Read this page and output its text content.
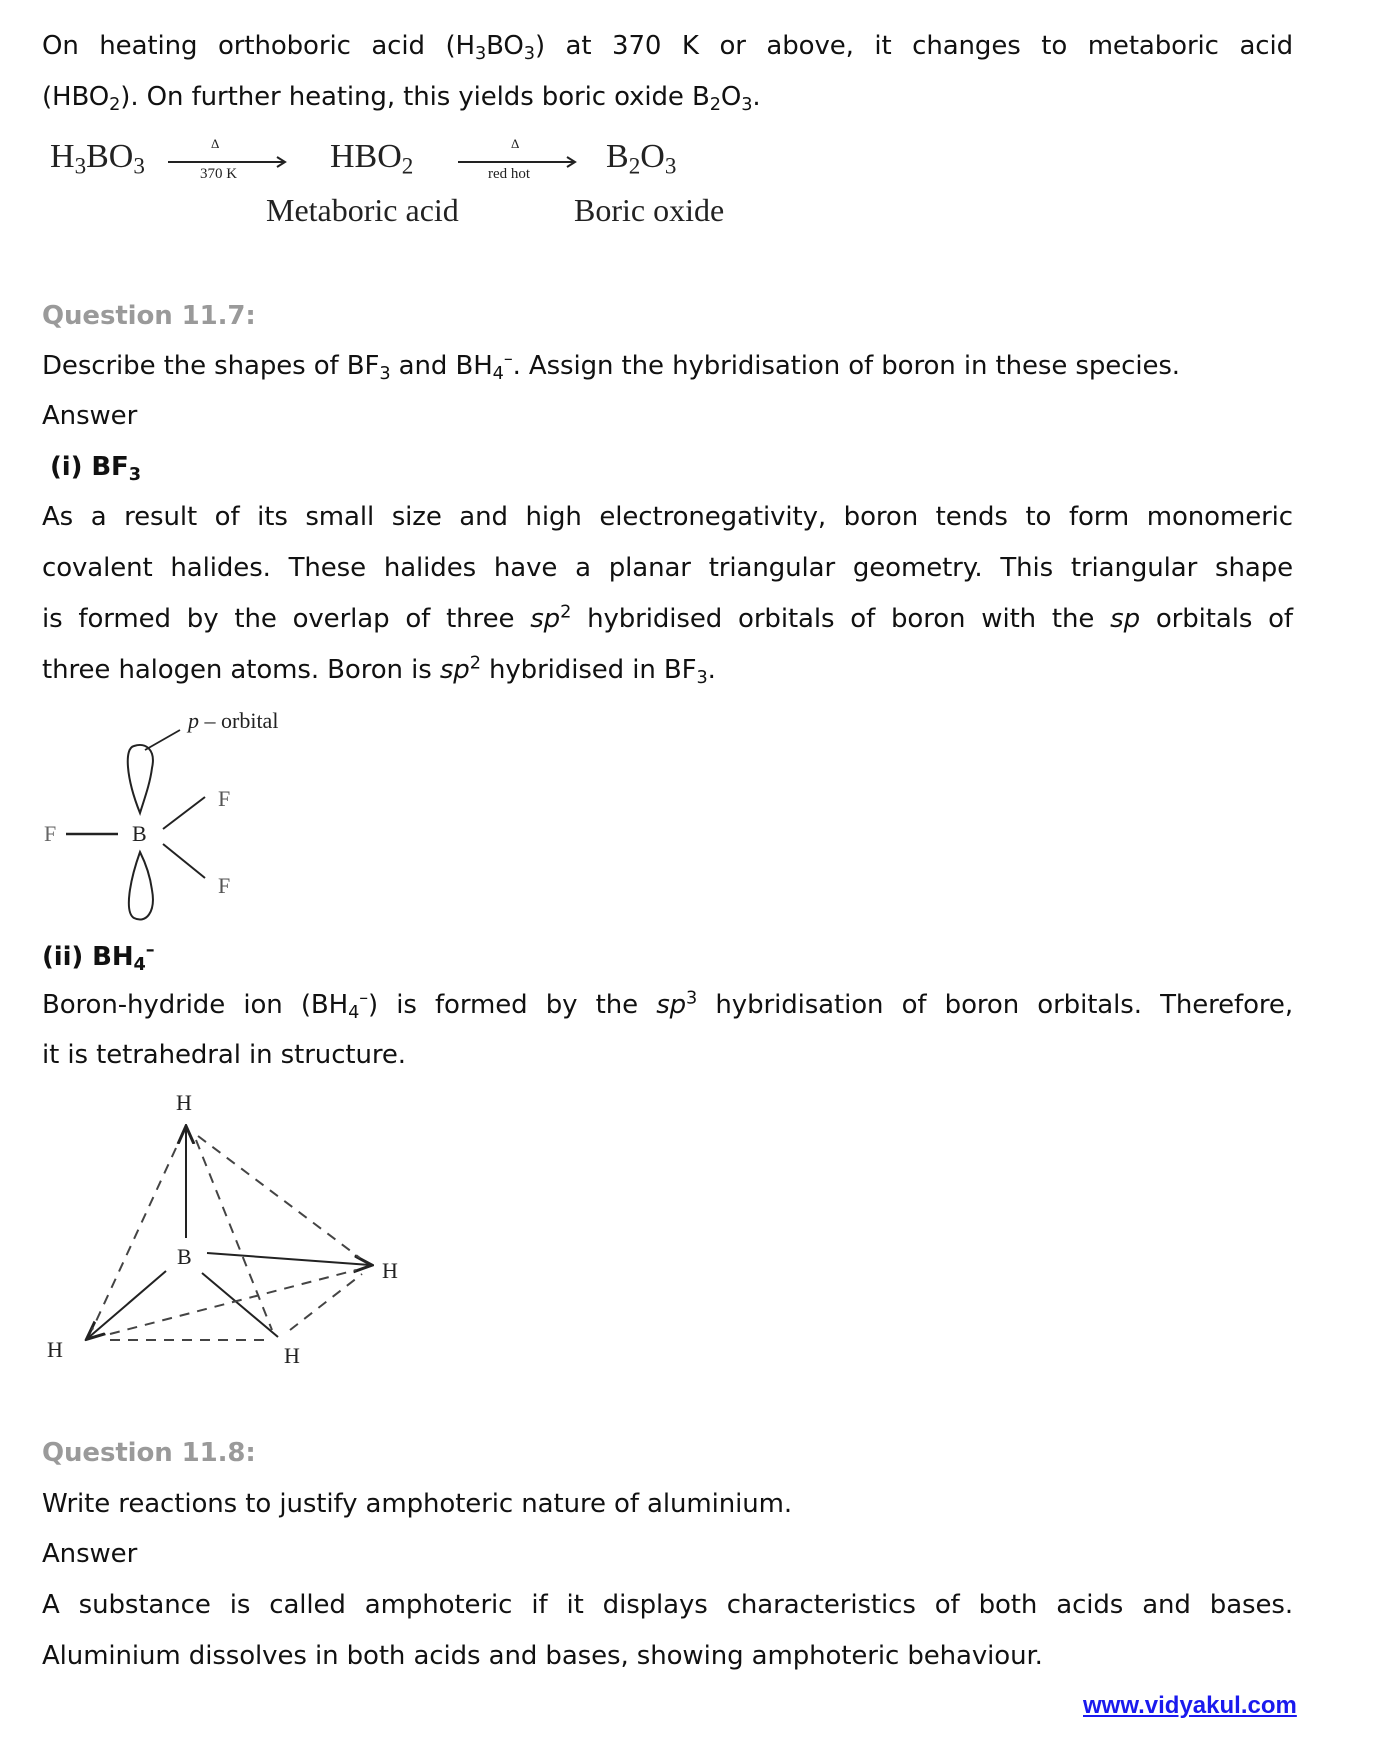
On heating orthoboric acid $(H_3BO_3)$ at 370 K or above, it changes to metaboric acid
$(HBO_2)$. On further heating, this yields boric oxide $B_2O_3$.
$H_3BO_3$
Δ
370 K	$HBO_2$
Δ
red hot $B_2O_3$
Metaboric acid	Boric oxide
Question 11.7:
Describe the shapes of $BF_3$ and $BH_4^-$. Assign the hybridisation of boron in these species.
Answer
(i) $BF_3$
As a result of its small size and high electronegativity, boron tends to form monomeric
covalent halides. These halides have a planar triangular geometry. This triangular shape
is formed by the overlap of three $sp^2$ hybridised orbitals of boron with the sp orbitals of
three halogen atoms. Boron is $sp^2$ hybridised in $BF_3$.
p – orbital
B
F
F
F
(ii) $BH_4^-$
Boron-hydride ion $(BH_4^-)$ is formed by the $sp^3$ hybridisation of boron orbitals. Therefore,
it is tetrahedral in structure.
H
B
H
H	H
Question 11.8:
Write reactions to justify amphoteric nature of aluminium.
Answer
A substance is called amphoteric if it displays characteristics of both acids and bases.
Aluminium dissolves in both acids and bases, showing amphoteric behaviour.
www.vidyakul.com
